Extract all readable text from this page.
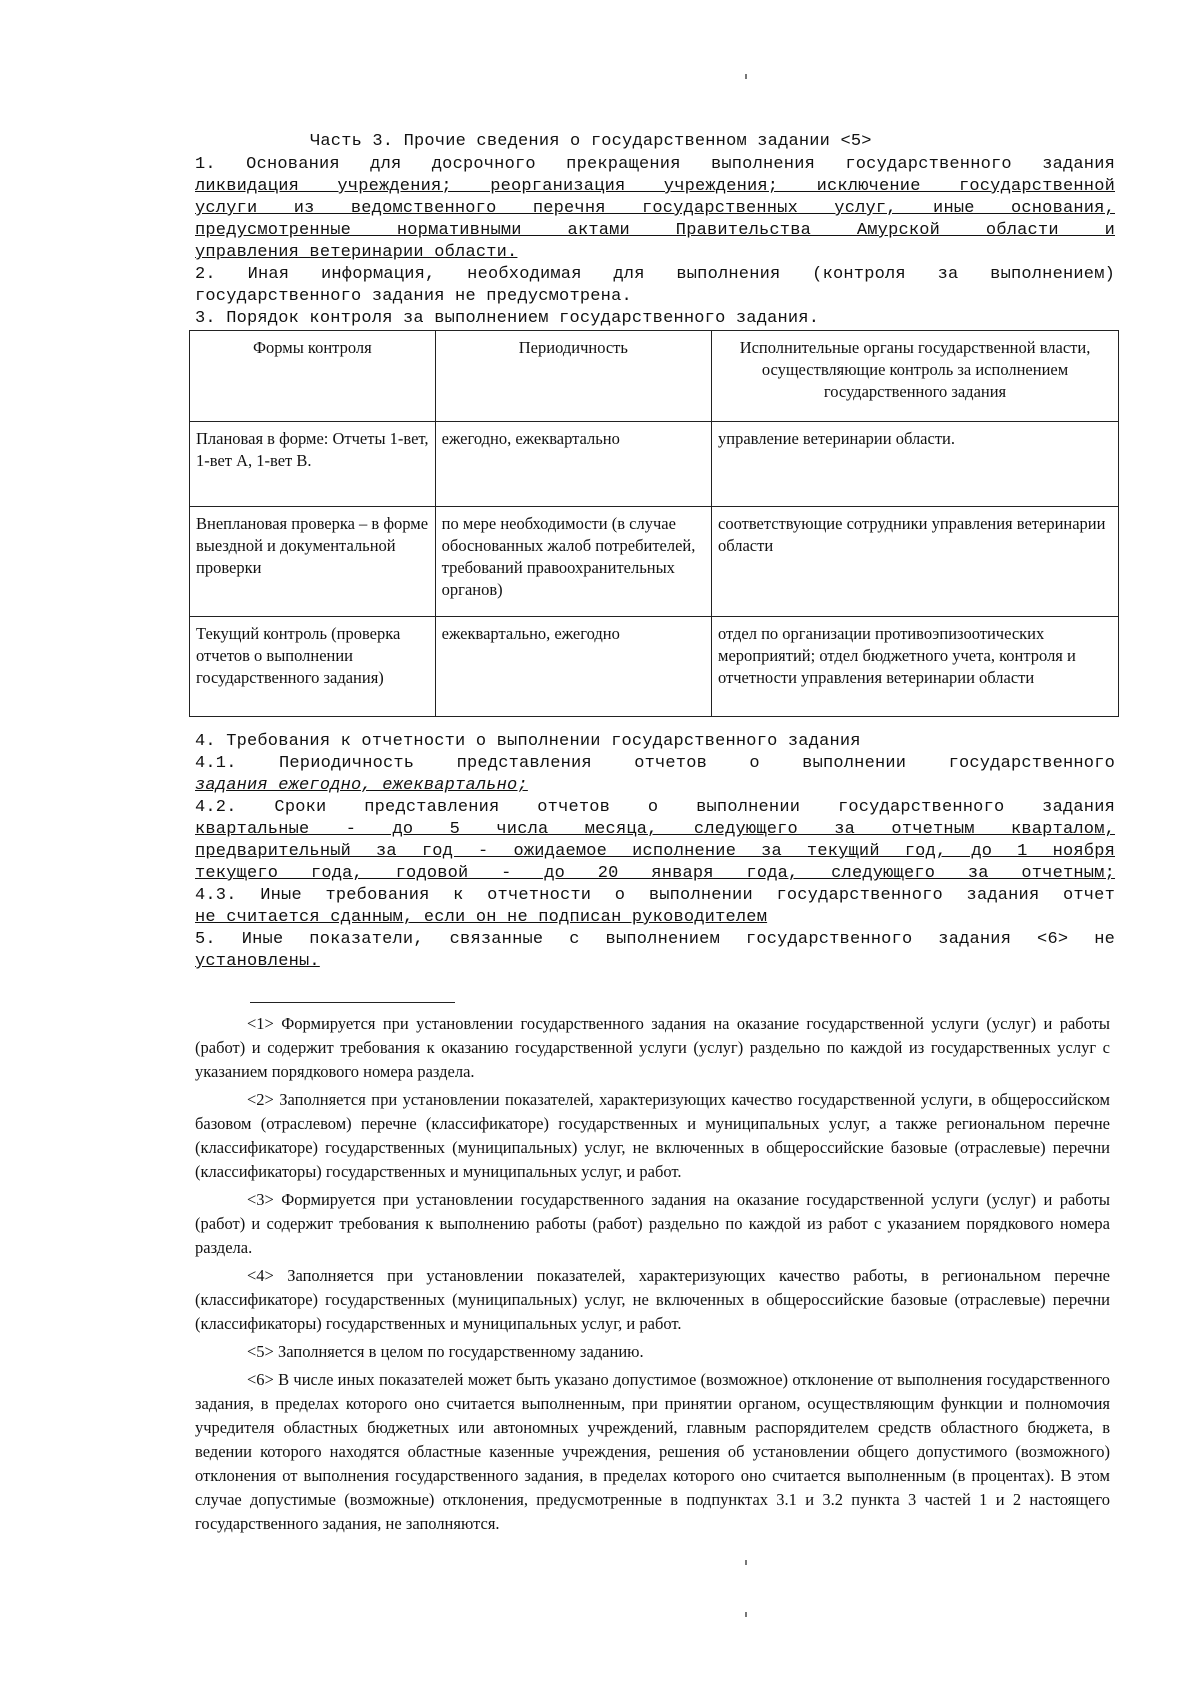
Часть 3. Прочие сведения о государственном задании <5>
1. Основания для досрочного прекращения выполнения государственного задания
ликвидация учреждения; реорганизация учреждения; исключение государственной
услуги из ведомственного перечня государственных услуг, иные основания,
предусмотренные нормативными актами Правительства Амурской области и
управления ветеринарии области.
2. Иная информация, необходимая для выполнения (контроля за выполнением)
государственного задания не предусмотрена.
3. Порядок контроля за выполнением государственного задания.
Формы контроля	Периодичность	Исполнительные органы государственной власти, осуществляющие контроль за исполнением государственного задания
Плановая в форме: Отчеты 1-вет, 1-вет А, 1-вет В.	ежегодно, ежеквартально	управление ветеринарии области.
Внеплановая проверка – в форме выездной и документальной проверки	по мере необходимости (в случае обоснованных жалоб потребителей, требований правоохранительных органов)	соответствующие сотрудники управления ветеринарии области
Текущий контроль (проверка отчетов о выполнении государственного задания)	ежеквартально, ежегодно	отдел по организации противоэпизоотических мероприятий; отдел бюджетного учета, контроля и отчетности управления ветеринарии области
4. Требования к отчетности о выполнении государственного задания
4.1. Периодичность представления отчетов о выполнении государственного
задания ежегодно, ежеквартально;
4.2. Сроки представления отчетов о выполнении государственного задания
квартальные - до 5 числа месяца, следующего за отчетным кварталом,
предварительный за год - ожидаемое исполнение за текущий год, до 1 ноября
текущего года, годовой - до 20 января года, следующего за отчетным;
4.3. Иные требования к отчетности о выполнении государственного задания отчет
не считается сданным, если он не подписан руководителем
5. Иные показатели, связанные с выполнением государственного задания <6> не
установлены.

<1> Формируется при установлении государственного задания на оказание государственной услуги (услуг) и работы (работ) и содержит требования к оказанию государственной услуги (услуг) раздельно по каждой из государственных услуг с указанием порядкового номера раздела.

<2> Заполняется при установлении показателей, характеризующих качество государственной услуги, в общероссийском базовом (отраслевом) перечне (классификаторе) государственных и муниципальных услуг, а также региональном перечне (классификаторе) государственных (муниципальных) услуг, не включенных в общероссийские базовые (отраслевые) перечни (классификаторы) государственных и муниципальных услуг, и работ.

<3> Формируется при установлении государственного задания на оказание государственной услуги (услуг) и работы (работ) и содержит требования к выполнению работы (работ) раздельно по каждой из работ с указанием порядкового номера раздела.

<4> Заполняется при установлении показателей, характеризующих качество работы, в региональном перечне (классификаторе) государственных (муниципальных) услуг, не включенных в общероссийские базовые (отраслевые) перечни (классификаторы) государственных и муниципальных услуг, и работ.

<5> Заполняется в целом по государственному заданию.

<6> В числе иных показателей может быть указано допустимое (возможное) отклонение от выполнения государственного задания, в пределах которого оно считается выполненным, при принятии органом, осуществляющим функции и полномочия учредителя областных бюджетных или автономных учреждений, главным распорядителем средств областного бюджета, в ведении которого находятся областные казенные учреждения, решения об установлении общего допустимого (возможного) отклонения от выполнения государственного задания, в пределах которого оно считается выполненным (в процентах). В этом случае допустимые (возможные) отклонения, предусмотренные в подпунктах 3.1 и 3.2 пункта 3 частей 1 и 2 настоящего государственного задания, не заполняются.
